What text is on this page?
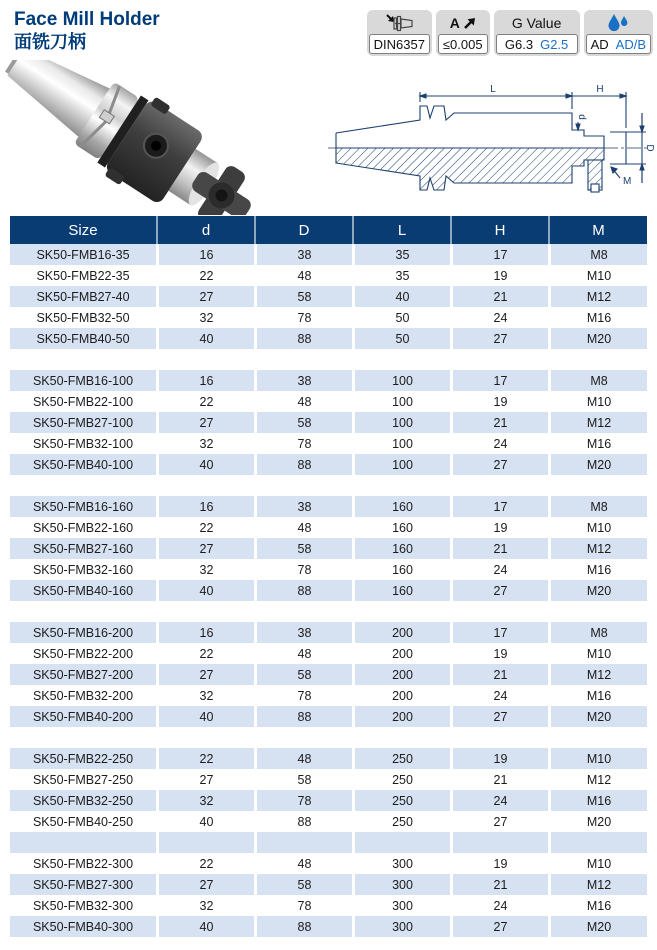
Face Mill Holder
面铣刀柄	DIN6357
A
≤0.005
G Value
G6.3 G2.5 AD AD/B
L	H
d
D
M
Size	d	D	L	H	M
SK50-FMB16-35	16	38	35	17	M8
SK50-FMB22-35	22	48	35	19	M10
SK50-FMB27-40	27	58	40	21	M12
SK50-FMB32-50	32	78	50	24	M16
SK50-FMB40-50	40	88	50	27	M20

SK50-FMB16-100	16	38	100	17	M8
SK50-FMB22-100	22	48	100	19	M10
SK50-FMB27-100	27	58	100	21	M12
SK50-FMB32-100	32	78	100	24	M16
SK50-FMB40-100	40	88	100	27	M20

SK50-FMB16-160	16	38	160	17	M8
SK50-FMB22-160	22	48	160	19	M10
SK50-FMB27-160	27	58	160	21	M12
SK50-FMB32-160	32	78	160	24	M16
SK50-FMB40-160	40	88	160	27	M20

SK50-FMB16-200	16	38	200	17	M8
SK50-FMB22-200	22	48	200	19	M10
SK50-FMB27-200	27	58	200	21	M12
SK50-FMB32-200	32	78	200	24	M16
SK50-FMB40-200	40	88	200	27	M20

SK50-FMB22-250	22	48	250	19	M10
SK50-FMB27-250	27	58	250	21	M12
SK50-FMB32-250	32	78	250	24	M16
SK50-FMB40-250	40	88	250	27	M20

SK50-FMB22-300	22	48	300	19	M10
SK50-FMB27-300	27	58	300	21	M12
SK50-FMB32-300	32	78	300	24	M16
SK50-FMB40-300	40	88	300	27	M20
